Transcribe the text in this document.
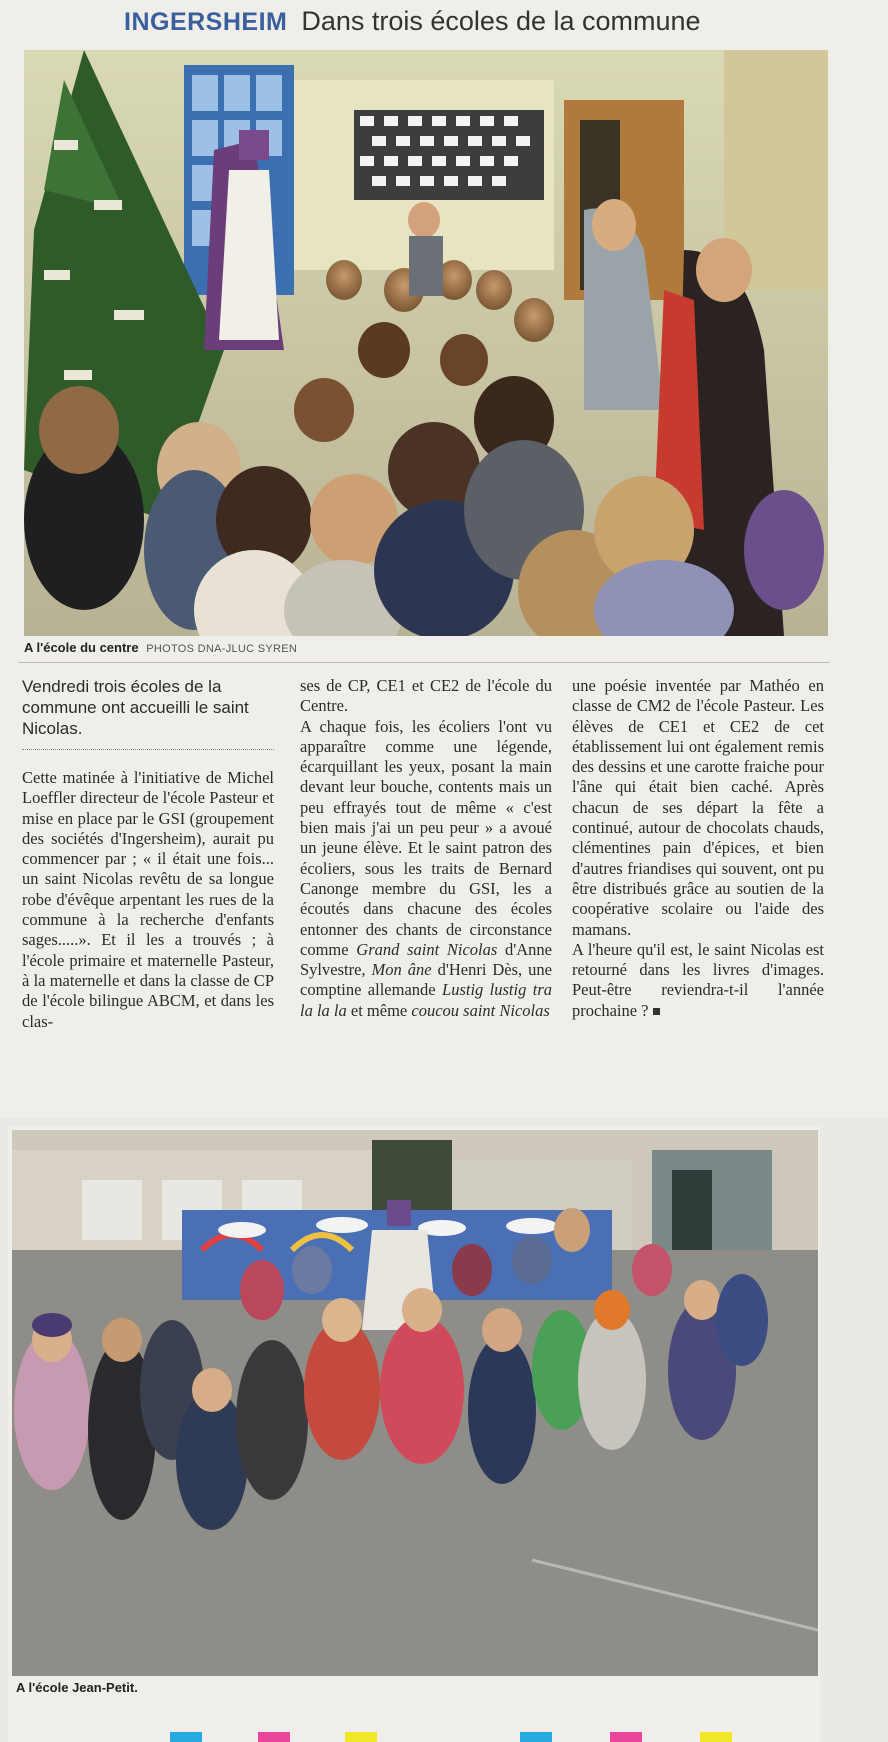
INGERSHEIM Dans trois écoles de la commune
A l'école du centre PHOTOS DNA-JLUC SYREN

Vendredi trois écoles de la commune ont accueilli le saint Nicolas.

Cette matinée à l'initiative de Michel Loeffler directeur de l'école Pasteur et mise en place par le GSI (groupement des sociétés d'Ingersheim), aurait pu commencer par ; « il était une fois... un saint Nicolas revêtu de sa longue robe d'évêque arpentant les rues de la commune à la recherche d'enfants sages.....». Et il les a trouvés ; à l'école primaire et maternelle Pasteur, à la maternelle et dans la classe de CP de l'école bilingue ABCM, et dans les clas-

ses de CP, CE1 et CE2 de l'école du Centre.

A chaque fois, les écoliers l'ont vu apparaître comme une légende, écarquillant les yeux, posant la main devant leur bouche, contents mais un peu effrayés tout de même « c'est bien mais j'ai un peu peur » a avoué un jeune élève. Et le saint patron des écoliers, sous les traits de Bernard Canonge membre du GSI, les a écoutés dans chacune des écoles entonner des chants de circonstance comme Grand saint Nicolas d'Anne Sylvestre, Mon âne d'Henri Dès, une comptine allemande Lustig lustig tra la la la et même coucou saint Nicolas

une poésie inventée par Mathéo en classe de CM2 de l'école Pasteur. Les élèves de CE1 et CE2 de cet établissement lui ont également remis des dessins et une carotte fraiche pour l'âne qui était bien caché. Après chacun de ses départ la fête a continué, autour de chocolats chauds, clémentines pain d'épices, et bien d'autres friandises qui souvent, ont pu être distribués grâce au soutien de la coopérative scolaire ou l'aide des mamans.

A l'heure qu'il est, le saint Nicolas est retourné dans les livres d'images. Peut-être reviendra-t-il l'année prochaine ?

A l'école Jean-Petit.
